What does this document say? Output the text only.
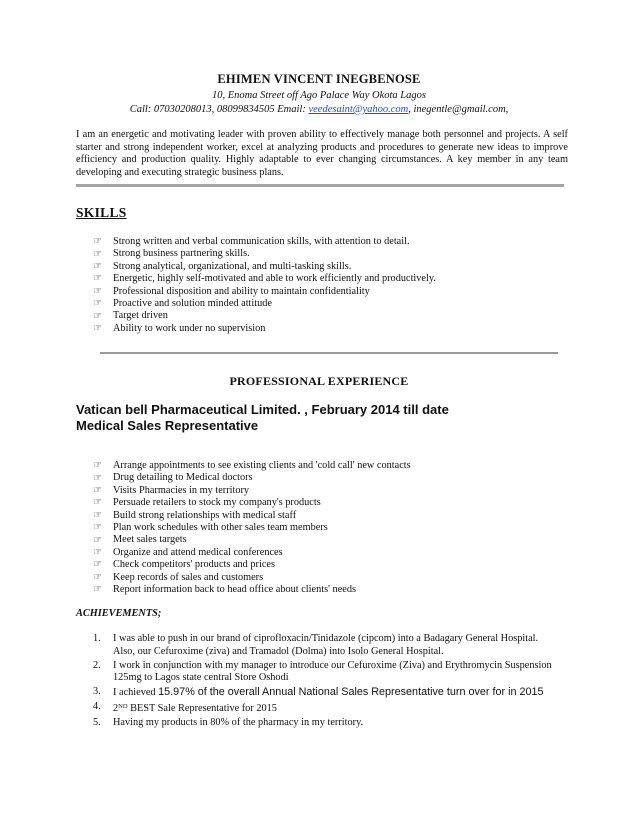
EHIMEN VINCENT INEGBENOSE
10, Enoma Street off Ago Palace Way Okota Lagos
Call: 07030208013, 08099834505 Email: veedesaint@yahoo.com, inegentle@gmail.com,
I am an energetic and motivating leader with proven ability to effectively manage both personnel and projects. A self starter and strong independent worker, excel at analyzing products and procedures to generate new ideas to improve efficiency and production quality. Highly adaptable to ever changing circumstances. A key member in any team developing and executing strategic business plans.
SKILLS
☞ Strong written and verbal communication skills, with attention to detail.
☞ Strong business partnering skills.
☞ Strong analytical, organizational, and multi-tasking skills.
☞ Energetic, highly self-motivated and able to work efficiently and productively.
☞ Professional disposition and ability to maintain confidentiality
☞ Proactive and solution minded attitude
☞ Target driven
☞ Ability to work under no supervision
PROFESSIONAL EXPERIENCE
Vatican bell Pharmaceutical Limited. , February 2014 till date
Medical Sales Representative
☞ Arrange appointments to see existing clients and 'cold call' new contacts
☞ Drug detailing to Medical doctors
☞ Visits Pharmacies in my territory
☞ Persuade retailers to stock my company's products
☞ Build strong relationships with medical staff
☞ Plan work schedules with other sales team members
☞ Meet sales targets
☞ Organize and attend medical conferences
☞ Check competitors' products and prices
☞ Keep records of sales and customers
☞ Report information back to head office about clients' needs
ACHIEVEMENTS;
1.	I was able to push in our brand of ciprofloxacin/Tinidazole (cipcom) into a Badagary General Hospital. Also, our Cefuroxime (ziva) and Tramadol (Dolma) into Isolo General Hospital.
2.	I work in conjunction with my manager to introduce our Cefuroxime (Ziva) and Erythromycin Suspension 125mg to Lagos state central Store Oshodi
3.	I achieved 15.97% of the overall Annual National Sales Representative turn over for in 2015
4.	2ND BEST Sale Representative for 2015
5.	Having my products in 80% of the pharmacy in my territory.
